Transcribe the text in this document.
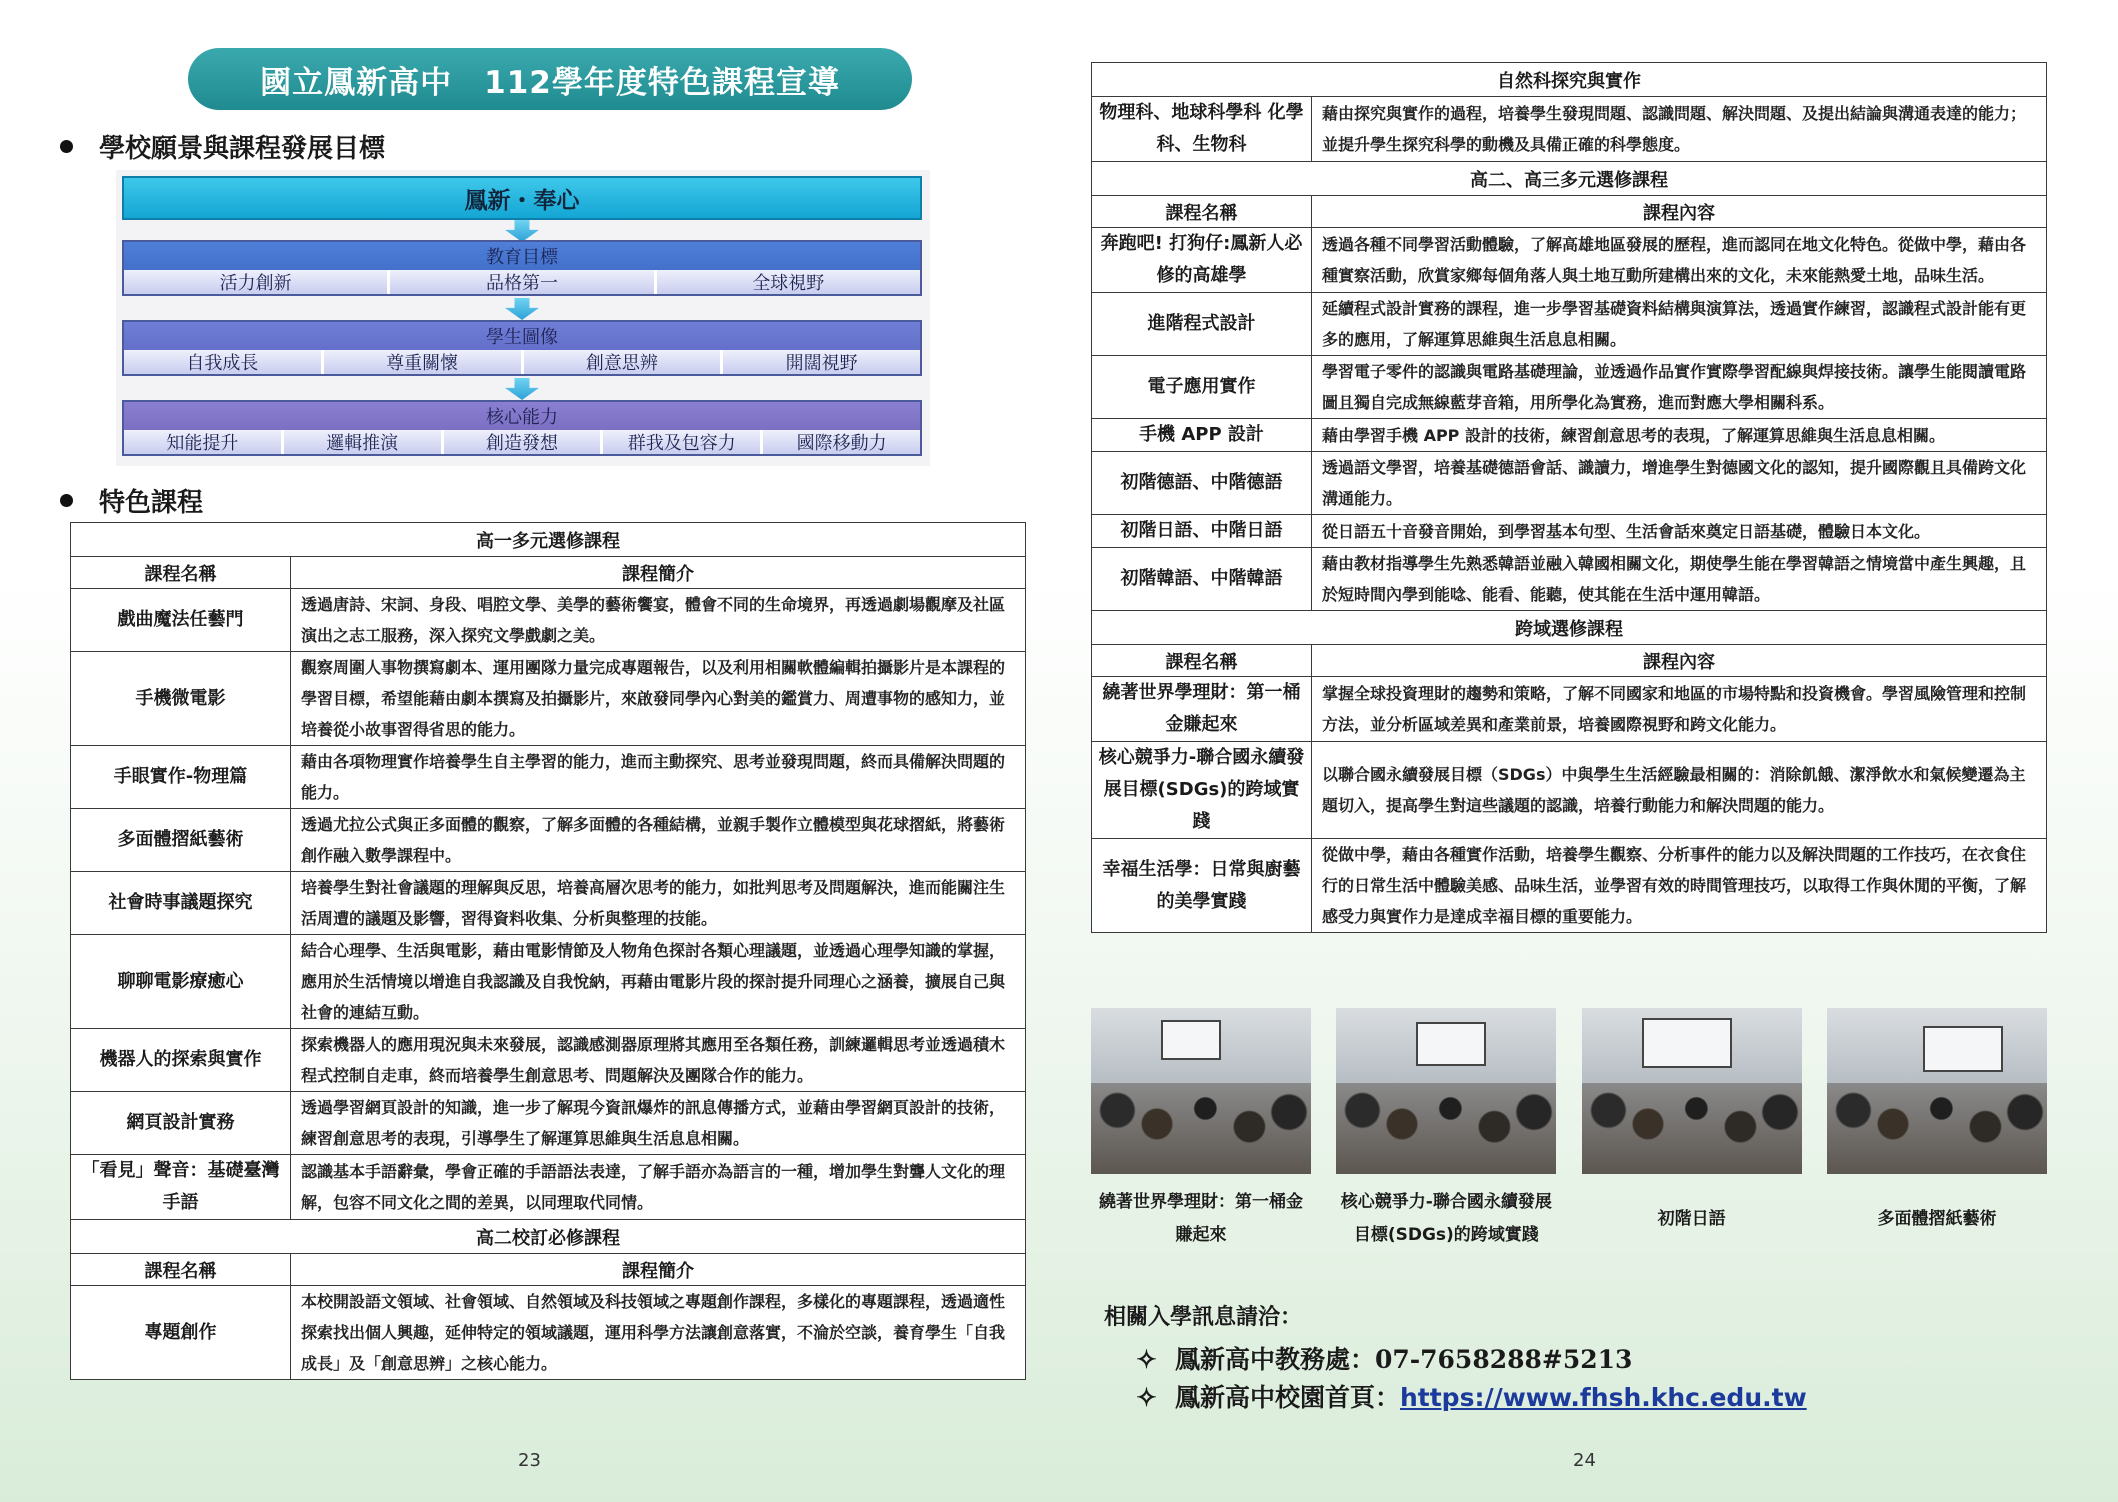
國立鳳新高中　112學年度特色課程宣導
學校願景與課程發展目標
鳳新・奉心
教育目標
活力創新	品格第一	全球視野
學生圖像
自我成長	尊重關懷	創意思辨	開闊視野
核心能力
知能提升	邏輯推演	創造發想	群我及包容力	國際移動力
特色課程
高一多元選修課程	
課程名稱	課程簡介
戲曲魔法任藝門	透過唐詩、宋詞、身段、唱腔文學、美學的藝術饗宴，體會不同的生命境界，再透過劇場觀摩及社區演出之志工服務，深入探究文學戲劇之美。
手機微電影	觀察周圍人事物撰寫劇本、運用團隊力量完成專題報告，以及利用相關軟體編輯拍攝影片是本課程的學習目標，希望能藉由劇本撰寫及拍攝影片，來啟發同學內心對美的鑑賞力、周遭事物的感知力，並培養從小故事習得省思的能力。
手眼實作-物理篇	藉由各項物理實作培養學生自主學習的能力，進而主動探究、思考並發現問題，終而具備解決問題的能力。
多面體摺紙藝術	透過尤拉公式與正多面體的觀察，了解多面體的各種結構，並親手製作立體模型與花球摺紙，將藝術創作融入數學課程中。
社會時事議題探究	培養學生對社會議題的理解與反思，培養高層次思考的能力，如批判思考及問題解決，進而能關注生活周遭的議題及影響，習得資料收集、分析與整理的技能。
聊聊電影療癒心	結合心理學、生活與電影，藉由電影情節及人物角色探討各類心理議題，並透過心理學知識的掌握，應用於生活情境以增進自我認識及自我悅納，再藉由電影片段的探討提升同理心之涵養，擴展自己與社會的連結互動。
機器人的探索與實作	探索機器人的應用現況與未來發展，認識感測器原理將其應用至各類任務，訓練邏輯思考並透過積木程式控制自走車，終而培養學生創意思考、問題解決及團隊合作的能力。
網頁設計實務	透過學習網頁設計的知識，進一步了解現今資訊爆炸的訊息傳播方式，並藉由學習網頁設計的技術，練習創意思考的表現，引導學生了解運算思維與生活息息相關。
「看見」聲音：基礎臺灣手語	認識基本手語辭彙，學會正確的手語語法表達，了解手語亦為語言的一種，增加學生對聾人文化的理解，包容不同文化之間的差異，以同理取代同情。
高二校訂必修課程	
課程名稱	課程簡介
專題創作	本校開設語文領域、社會領域、自然領域及科技領域之專題創作課程，多樣化的專題課程，透過適性探索找出個人興趣，延伸特定的領域議題，運用科學方法讓創意落實，不淪於空談，養育學生「自我成長」及「創意思辨」之核心能力。
23
自然科探究與實作	
物理科、地球科學科 化學科、生物科	藉由探究與實作的過程，培養學生發現問題、認識問題、解決問題、及提出結論與溝通表達的能力；並提升學生探究科學的動機及具備正確的科學態度。
高二、高三多元選修課程	
課程名稱	課程內容
奔跑吧! 打狗仔:鳳新人必修的高雄學	透過各種不同學習活動體驗，了解高雄地區發展的歷程，進而認同在地文化特色。從做中學，藉由各種實察活動，欣賞家鄉每個角落人與土地互動所建構出來的文化，未來能熱愛土地，品味生活。
進階程式設計	延續程式設計實務的課程，進一步學習基礎資料結構與演算法，透過實作練習，認識程式設計能有更多的應用，了解運算思維與生活息息相關。
電子應用實作	學習電子零件的認識與電路基礎理論，並透過作品實作實際學習配線與焊接技術。讓學生能閱讀電路圖且獨自完成無線藍芽音箱，用所學化為實務，進而對應大學相關科系。
手機 APP 設計	藉由學習手機 APP 設計的技術，練習創意思考的表現，了解運算思維與生活息息相關。
初階德語、中階德語	透過語文學習，培養基礎德語會話、識讀力，增進學生對德國文化的認知，提升國際觀且具備跨文化溝通能力。
初階日語、中階日語	從日語五十音發音開始，到學習基本句型、生活會話來奠定日語基礎，體驗日本文化。
初階韓語、中階韓語	藉由教材指導學生先熟悉韓語並融入韓國相關文化，期使學生能在學習韓語之情境當中產生興趣，且於短時間內學到能唸、能看、能聽，使其能在生活中運用韓語。
跨域選修課程	
課程名稱	課程內容
繞著世界學理財：第一桶金賺起來	掌握全球投資理財的趨勢和策略，了解不同國家和地區的市場特點和投資機會。學習風險管理和控制方法，並分析區域差異和產業前景，培養國際視野和跨文化能力。
核心競爭力-聯合國永續發展目標(SDGs)的跨域實踐	以聯合國永續發展目標（SDGs）中與學生生活經驗最相關的：消除飢餓、潔淨飲水和氣候變遷為主題切入，提高學生對這些議題的認識，培養行動能力和解決問題的能力。
幸福生活學：日常與廚藝的美學實踐	從做中學，藉由各種實作活動，培養學生觀察、分析事件的能力以及解決問題的工作技巧，在衣食住行的日常生活中體驗美感、品味生活，並學習有效的時間管理技巧，以取得工作與休閒的平衡，了解感受力與實作力是達成幸福目標的重要能力。
繞著世界學理財：第一桶金賺起來
核心競爭力-聯合國永續發展目標(SDGs)的跨域實踐
初階日語	多面體摺紙藝術
相關入學訊息請洽：
✧ 鳳新高中教務處：07-7658288#5213
✧ 鳳新高中校園首頁：https://www.fhsh.khc.edu.tw
24
